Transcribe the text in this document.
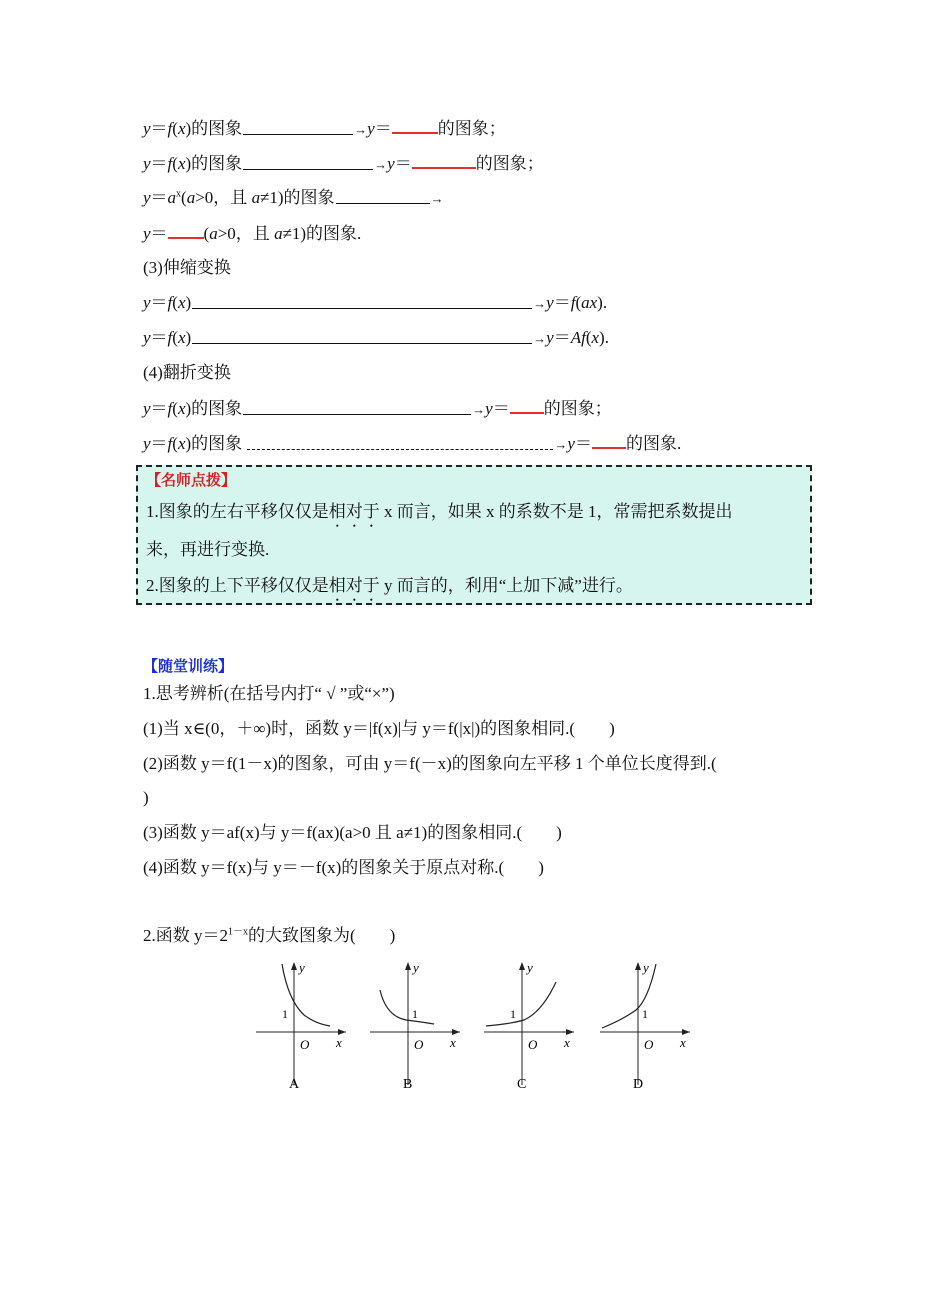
y＝f(x)的图象	→y＝	的图象；
y＝f(x)的图象	→y＝	的图象；
$y=a^x(a>0$，且 a≠1)的图象	→
y＝ (a>0，且 a≠1)的图象.
(3)伸缩变换
y＝f(x)	→y＝f(ax).
y＝f(x)	→y＝Af(x).
(4)翻折变换
y＝f(x)的图象	→y＝ 的图象；
y＝f(x)的图象	→y＝ 的图象.
【名师点拨】
1.图象的左右平移仅仅是相对于 x 而言，如果 x 的系数不是 1，常需把系数提出
来，再进行变换.
2.图象的上下平移仅仅是相对于 y 而言的，利用“上加下减”进行。
【随堂训练】
1.思考辨析(在括号内打“ √ ”或“×”)
(1)当 x∈(0，＋∞)时，函数 y＝|f(x)|与 y＝f(|x|)的图象相同.(　　)
(2)函数 y＝f(1－x)的图象，可由 y＝f(－x)的图象向左平移 1 个单位长度得到.(
)
(3)函数 y＝af(x)与 y＝f(ax)(a>0 且 a≠1)的图象相同.(　　)
(4)函数 y＝f(x)与 y＝－f(x)的图象关于原点对称.(　　)
2.函数 $y=2^{1-x}$的大致图象为(　　)
y
x
O
1
A
y
x
O
1
B
y
x
O
1
C
y
x
O
1
D
